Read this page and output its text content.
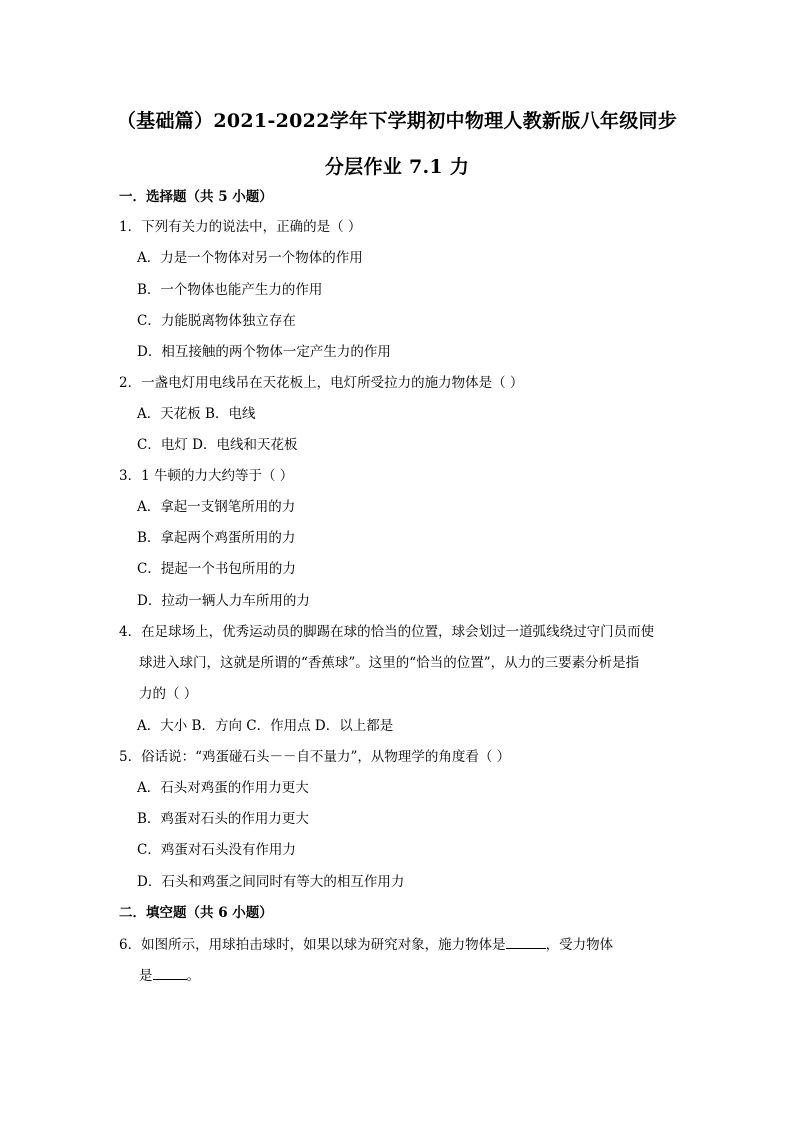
（基础篇）2021-2022学年下学期初中物理人教新版八年级同步
分层作业 7.1 力
一．选择题（共 5 小题）
1．下列有关力的说法中，正确的是（ ）
A．力是一个物体对另一个物体的作用
B．一个物体也能产生力的作用
C．力能脱离物体独立存在
D．相互接触的两个物体一定产生力的作用
2．一盏电灯用电线吊在天花板上，电灯所受拉力的施力物体是（ ）
A．天花板 B．电线
C．电灯 D．电线和天花板
3．1 牛顿的力大约等于（ ）
A．拿起一支钢笔所用的力
B．拿起两个鸡蛋所用的力
C．提起一个书包所用的力
D．拉动一辆人力车所用的力
4．在足球场上，优秀运动员的脚踢在球的恰当的位置，球会划过一道弧线绕过守门员而使
球进入球门，这就是所谓的“香蕉球”。这里的“恰当的位置”，从力的三要素分析是指
力的（ ）
A．大小 B．方向 C．作用点 D．以上都是
5．俗话说：“鸡蛋碰石头－－自不量力”，从物理学的角度看（ ）
A．石头对鸡蛋的作用力更大
B．鸡蛋对石头的作用力更大
C．鸡蛋对石头没有作用力
D．石头和鸡蛋之间同时有等大的相互作用力
二．填空题（共 6 小题）
6．如图所示，用球拍击球时，如果以球为研究对象，施力物体是	，受力物体
是	。
